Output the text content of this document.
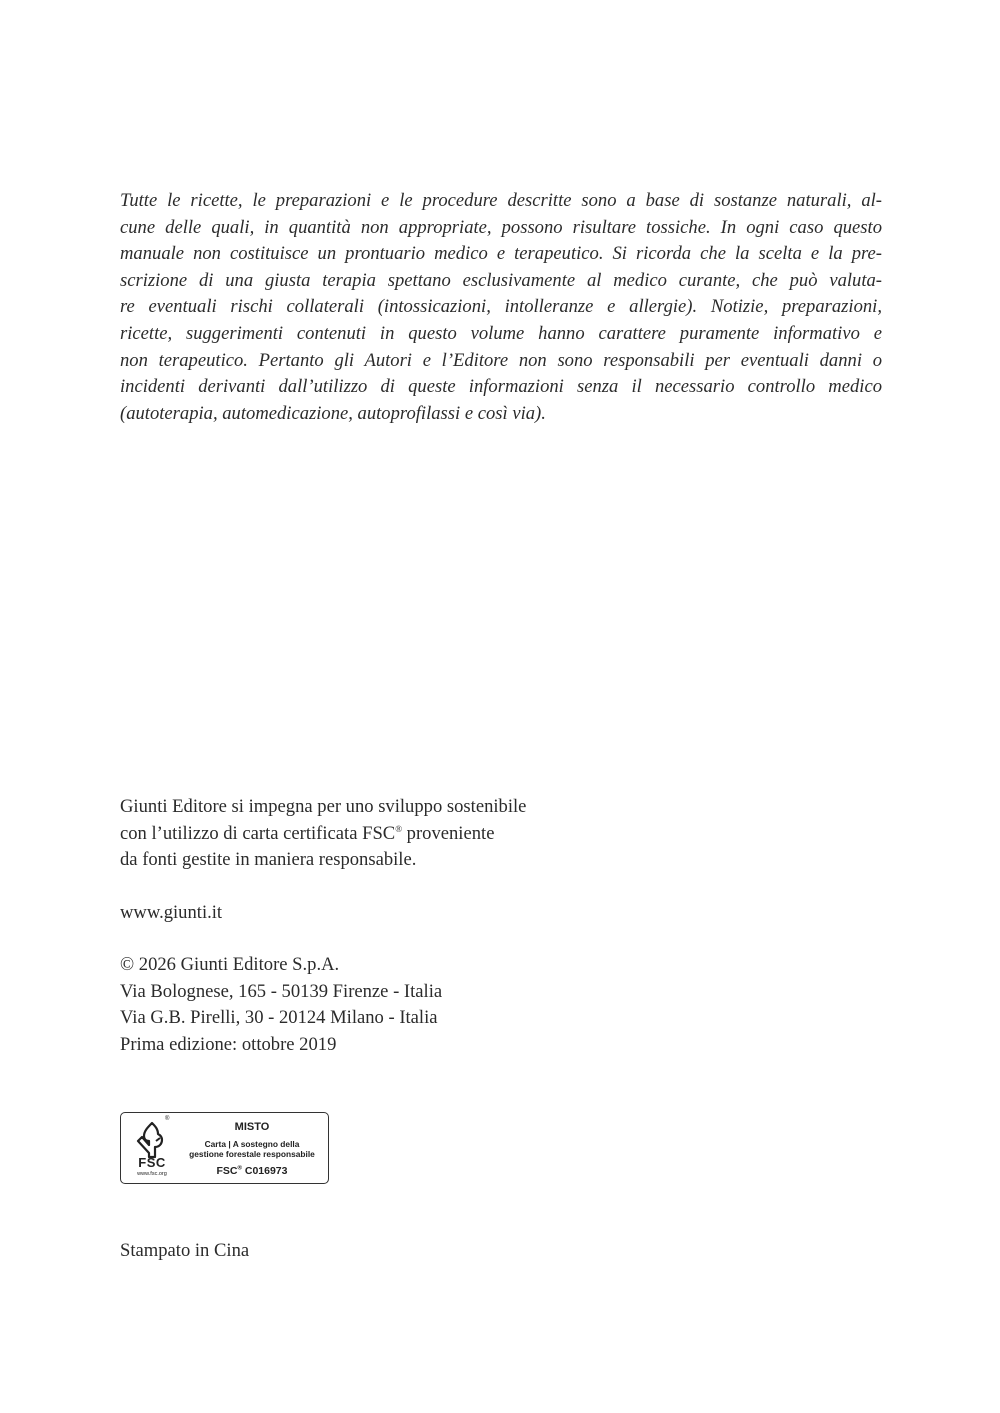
Tutte le ricette, le preparazioni e le procedure descritte sono a base di sostanze naturali, al-
cune delle quali, in quantità non appropriate, possono risultare tossiche. In ogni caso questo
manuale non costituisce un prontuario medico e terapeutico. Si ricorda che la scelta e la pre-
scrizione di una giusta terapia spettano esclusivamente al medico curante, che può valuta-
re eventuali rischi collaterali (intossicazioni, intolleranze e allergie). Notizie, preparazioni,
ricette, suggerimenti contenuti in questo volume hanno carattere puramente informativo e
non terapeutico. Pertanto gli Autori e l’Editore non sono responsabili per eventuali danni o
incidenti derivanti dall’utilizzo di queste informazioni senza il necessario controllo medico
(autoterapia, automedicazione, autoprofilassi e così via).
Giunti Editore si impegna per uno sviluppo sostenibile
con l’utilizzo di carta certificata FSC® proveniente
da fonti gestite in maniera responsabile.
www.giunti.it
© 2026 Giunti Editore S.p.A.
Via Bolognese, 165 - 50139 Firenze - Italia
Via G.B. Pirelli, 30 - 20124 Milano - Italia
Prima edizione: ottobre 2019
®
FSC
www.fsc.org
MISTO
Carta | A sostegno della
gestione forestale responsabile
FSC® C016973
Stampato in Cina
